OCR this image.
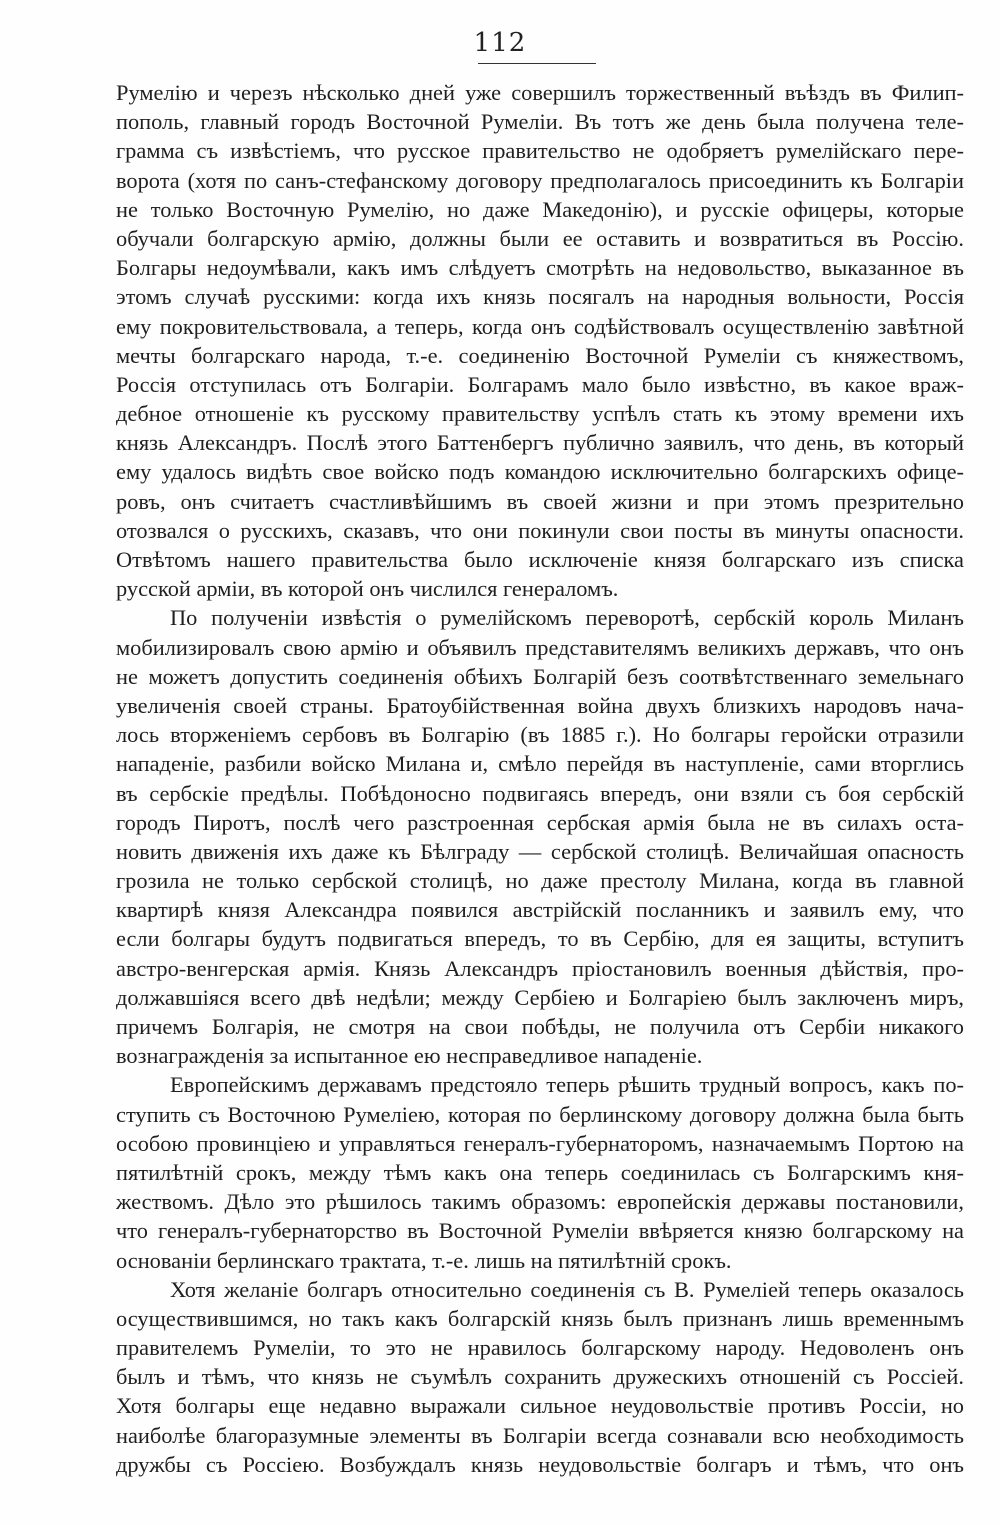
112
Румелію и черезъ нѣсколько дней уже совершилъ торжественный въѣздъ въ Филип-
пополь, главный городъ Восточной Румеліи. Въ тотъ же день была получена теле-
грамма съ извѣстіемъ, что русское правительство не одобряетъ румелійскаго пере-
ворота (хотя по санъ-стефанскому договору предполагалось присоединить къ Болгаріи
не только Восточную Румелію, но даже Македонію), и русскіе офицеры, которые
обучали болгарскую армію, должны были ее оставить и возвратиться въ Россію.
Болгары недоумѣвали, какъ имъ слѣдуетъ смотрѣть на недовольство, выказанное въ
этомъ случаѣ русскими: когда ихъ князь посягалъ на народныя вольности, Россія
ему покровительствовала, а теперь, когда онъ содѣйствовалъ осуществленію завѣтной
мечты болгарскаго народа, т.-е. соединенію Восточной Румеліи съ княжествомъ,
Россія отступилась отъ Болгаріи. Болгарамъ мало было извѣстно, въ какое враж-
дебное отношеніе къ русскому правительству успѣлъ стать къ этому времени ихъ
князь Александръ. Послѣ этого Баттенбергъ публично заявилъ, что день, въ который
ему удалось видѣть свое войско подъ командою исключительно болгарскихъ офице-
ровъ, онъ считаетъ счастливѣйшимъ въ своей жизни и при этомъ презрительно
отозвался о русскихъ, сказавъ, что они покинули свои посты въ минуты опасности.
Отвѣтомъ нашего правительства было исключеніе князя болгарскаго изъ списка
русской арміи, въ которой онъ числился генераломъ.
По полученіи извѣстія о румелійскомъ переворотѣ, сербскій король Миланъ
мобилизировалъ свою армію и объявилъ представителямъ великихъ державъ, что онъ
не можетъ допустить соединенія обѣихъ Болгарій безъ соотвѣтственнаго земельнаго
увеличенія своей страны. Братоубійственная война двухъ близкихъ народовъ нача-
лось вторженіемъ сербовъ въ Болгарію (въ 1885 г.). Но болгары геройски отразили
нападеніе, разбили войско Милана и, смѣло перейдя въ наступленіе, сами вторглись
въ сербскіе предѣлы. Побѣдоносно подвигаясь впередъ, они взяли съ боя сербскій
городъ Пиротъ, послѣ чего разстроенная сербская армія была не въ силахъ оста-
новить движенія ихъ даже къ Бѣлграду — сербской столицѣ. Величайшая опасность
грозила не только сербской столицѣ, но даже престолу Милана, когда въ главной
квартирѣ князя Александра появился австрійскій посланникъ и заявилъ ему, что
если болгары будутъ подвигаться впередъ, то въ Сербію, для ея защиты, вступитъ
австро-венгерская армія. Князь Александръ пріостановилъ военныя дѣйствія, про-
должавшіяся всего двѣ недѣли; между Сербіею и Болгаріею былъ заключенъ миръ,
причемъ Болгарія, не смотря на свои побѣды, не получила отъ Сербіи никакого
вознагражденія за испытанное ею несправедливое нападеніе.
Европейскимъ державамъ предстояло теперь рѣшить трудный вопросъ, какъ по-
ступить съ Восточною Румеліею, которая по берлинскому договору должна была быть
особою провинціею и управляться генералъ-губернаторомъ, назначаемымъ Портою на
пятилѣтній срокъ, между тѣмъ какъ она теперь соединилась съ Болгарскимъ кня-
жествомъ. Дѣло это рѣшилось такимъ образомъ: европейскія державы постановили,
что генералъ-губернаторство въ Восточной Румеліи ввѣряется князю болгарскому на
основаніи берлинскаго трактата, т.-е. лишь на пятилѣтній срокъ.
Хотя желаніе болгаръ относительно соединенія съ В. Румеліей теперь оказалось
осуществившимся, но такъ какъ болгарскій князь былъ признанъ лишь временнымъ
правителемъ Румеліи, то это не нравилось болгарскому народу. Недоволенъ онъ
былъ и тѣмъ, что князь не съумѣлъ сохранить дружескихъ отношеній съ Россіей.
Хотя болгары еще недавно выражали сильное неудовольствіе противъ Россіи, но
наиболѣе благоразумные элементы въ Болгаріи всегда сознавали всю необходимость
дружбы съ Россіею. Возбуждалъ князь неудовольствіе болгаръ и тѣмъ, что онъ
